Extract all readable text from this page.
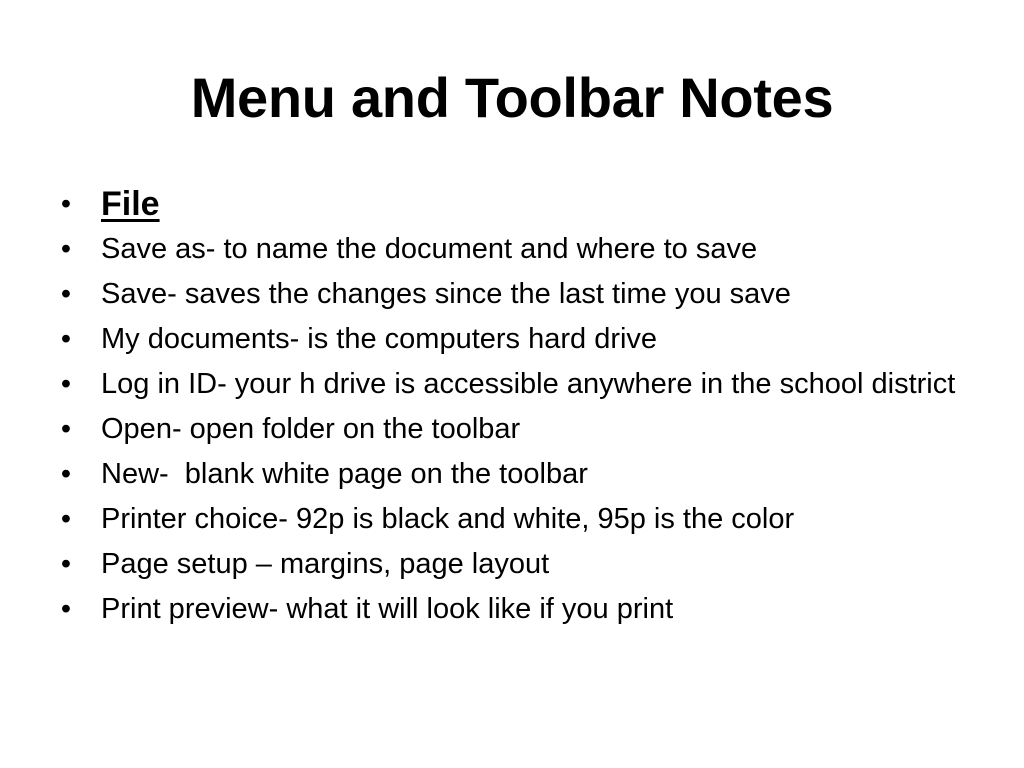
Menu and Toolbar Notes
• File
• Save as- to name the document and where to save
• Save- saves the changes since the last time you save
• My documents- is the computers hard drive
• Log in ID- your h drive is accessible anywhere in the school district
• Open- open folder on the toolbar
• New-  blank white page on the toolbar
• Printer choice- 92p is black and white, 95p is the color
• Page setup – margins, page layout
• Print preview- what it will look like if you print
